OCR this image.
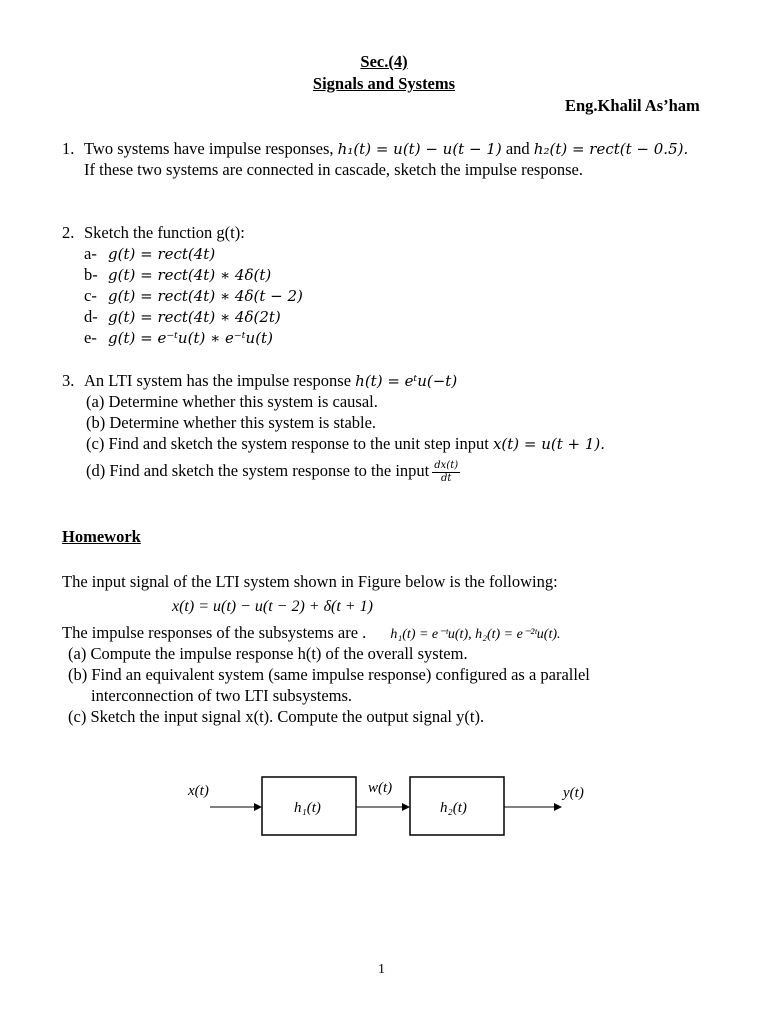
Sec.(4)
Signals and Systems
Eng.Khalil As’ham
1. Two systems have impulse responses, h₁(t) = u(t) − u(t − 1) and h₂(t) = rect(t − 0.5).
If these two systems are connected in cascade, sketch the impulse response.
2. Sketch the function g(t):
a- g(t) = rect(4t)
b- g(t) = rect(4t) ∗ 4δ(t)
c- g(t) = rect(4t) ∗ 4δ(t − 2)
d- g(t) = rect(4t) ∗ 4δ(2t)
e- g(t) = e⁻ᵗu(t) ∗ e⁻ᵗu(t)
3. An LTI system has the impulse response h(t) = eᵗu(−t)
(a) Determine whether this system is causal.
(b) Determine whether this system is stable.
(c) Find and sketch the system response to the unit step input x(t) = u(t + 1).
(d) Find and sketch the system response to the input $\frac{dx(t)}{dt}$
Homework
The input signal of the LTI system shown in Figure below is the following:
x(t) = u(t) − u(t − 2) + δ(t + 1)
The impulse responses of the subsystems are . h₁(t) = e⁻ᵗu(t), h₂(t) = e⁻²ᵗu(t).
(a) Compute the impulse response h(t) of the overall system.
(b) Find an equivalent system (same impulse response) configured as a parallel
interconnection of two LTI subsystems.
(c) Sketch the input signal x(t). Compute the output signal y(t).
x(t)
h₁(t)
w(t)
h₂(t)
y(t)
1
